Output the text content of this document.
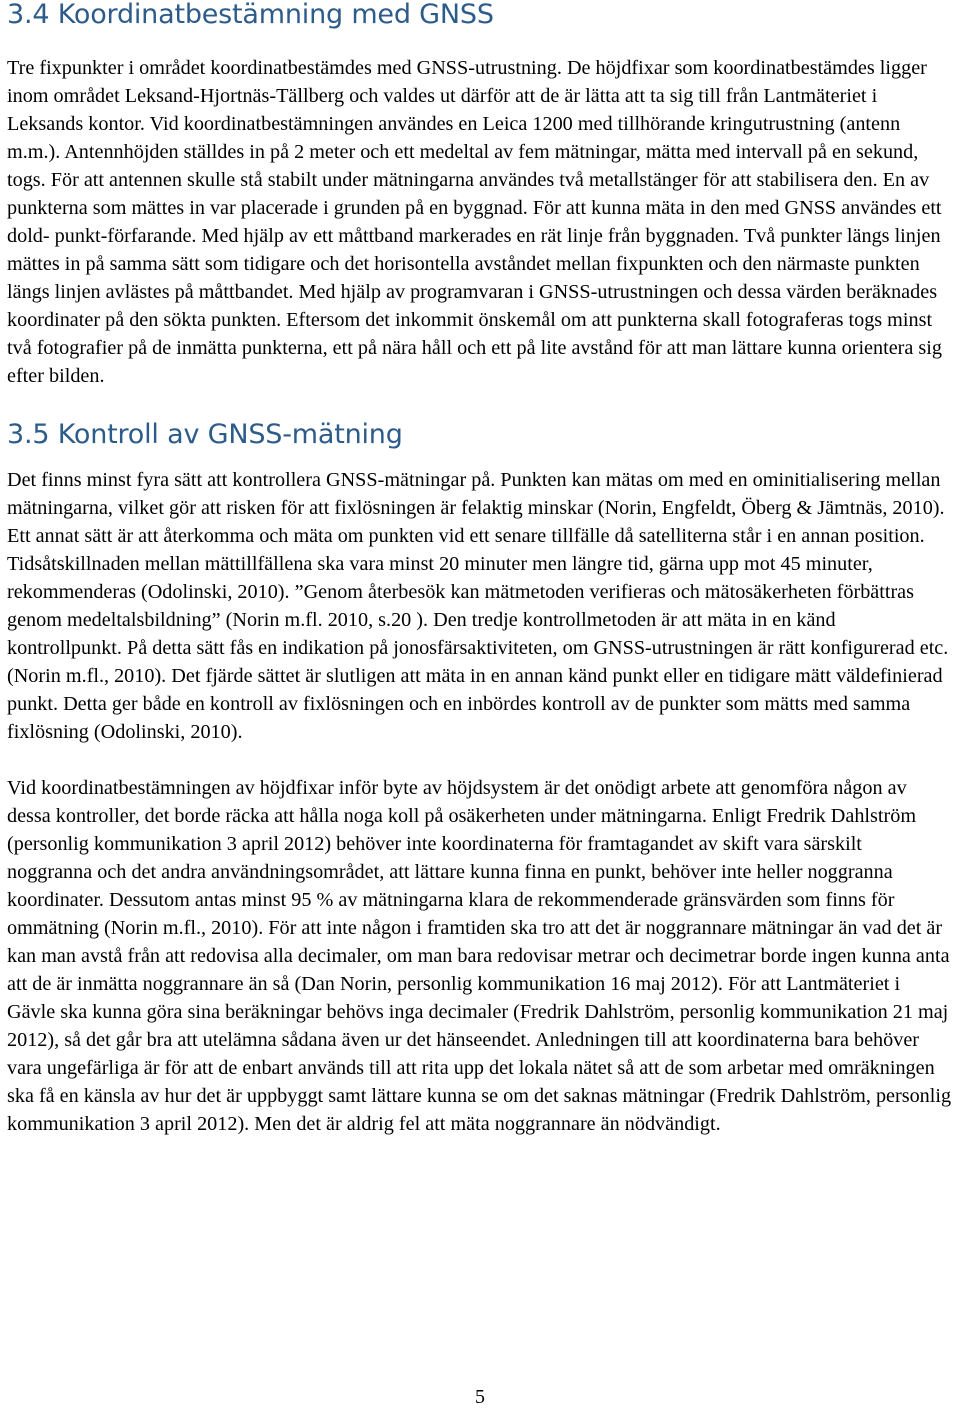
3.4 Koordinatbestämning med GNSS

Tre fixpunkter i området koordinatbestämdes med GNSS-utrustning. De höjdfixar som koordinatbestämdes ligger inom området Leksand-Hjortnäs-Tällberg och valdes ut därför att de är lätta att ta sig till från Lantmäteriet i Leksands kontor. Vid koordinatbestämningen användes en Leica 1200 med tillhörande kringutrustning (antenn m.m.). Antennhöjden ställdes in på 2 meter och ett medeltal av fem mätningar, mätta med intervall på en sekund, togs. För att antennen skulle stå stabilt under mätningarna användes två metallstänger för att stabilisera den. En av punkterna som mättes in var placerade i grunden på en byggnad. För att kunna mäta in den med GNSS användes ett dold- punkt-förfarande. Med hjälp av ett måttband markerades en rät linje från byggnaden. Två punkter längs linjen mättes in på samma sätt som tidigare och det horisontella avståndet mellan fixpunkten och den närmaste punkten längs linjen avlästes på måttbandet. Med hjälp av programvaran i GNSS-utrustningen och dessa värden beräknades koordinater på den sökta punkten. Eftersom det inkommit önskemål om att punkterna skall fotograferas togs minst två fotografier på de inmätta punkterna, ett på nära håll och ett på lite avstånd för att man lättare kunna orientera sig efter bilden.

3.5 Kontroll av GNSS-mätning

Det finns minst fyra sätt att kontrollera GNSS-mätningar på. Punkten kan mätas om med en ominitialisering mellan mätningarna, vilket gör att risken för att fixlösningen är felaktig minskar (Norin, Engfeldt, Öberg & Jämtnäs, 2010). Ett annat sätt är att återkomma och mäta om punkten vid ett senare tillfälle då satelliterna står i en annan position. Tidsåtskillnaden mellan mättillfällena ska vara minst 20 minuter men längre tid, gärna upp mot 45 minuter, rekommenderas (Odolinski, 2010). ”Genom återbesök kan mätmetoden verifieras och mätosäkerheten förbättras genom medeltalsbildning” (Norin m.fl. 2010, s.20 ). Den tredje kontrollmetoden är att mäta in en känd kontrollpunkt. På detta sätt fås en indikation på jonosfärsaktiviteten, om GNSS-utrustningen är rätt konfigurerad etc. (Norin m.fl., 2010). Det fjärde sättet är slutligen att mäta in en annan känd punkt eller en tidigare mätt väldefinierad punkt. Detta ger både en kontroll av fixlösningen och en inbördes kontroll av de punkter som mätts med samma fixlösning (Odolinski, 2010).

Vid koordinatbestämningen av höjdfixar inför byte av höjdsystem är det onödigt arbete att genomföra någon av dessa kontroller, det borde räcka att hålla noga koll på osäkerheten under mätningarna. Enligt Fredrik Dahlström (personlig kommunikation 3 april 2012) behöver inte koordinaterna för framtagandet av skift vara särskilt noggranna och det andra användningsområdet, att lättare kunna finna en punkt, behöver inte heller noggranna koordinater. Dessutom antas minst 95 % av mätningarna klara de rekommenderade gränsvärden som finns för ommätning (Norin m.fl., 2010). För att inte någon i framtiden ska tro att det är noggrannare mätningar än vad det är kan man avstå från att redovisa alla decimaler, om man bara redovisar metrar och decimetrar borde ingen kunna anta att de är inmätta noggrannare än så (Dan Norin, personlig kommunikation 16 maj 2012). För att Lantmäteriet i Gävle ska kunna göra sina beräkningar behövs inga decimaler (Fredrik Dahlström, personlig kommunikation 21 maj 2012), så det går bra att utelämna sådana även ur det hänseendet. Anledningen till att koordinaterna bara behöver vara ungefärliga är för att de enbart används till att rita upp det lokala nätet så att de som arbetar med omräkningen ska få en känsla av hur det är uppbyggt samt lättare kunna se om det saknas mätningar (Fredrik Dahlström, personlig kommunikation 3 april 2012). Men det är aldrig fel att mäta noggrannare än nödvändigt.

5
